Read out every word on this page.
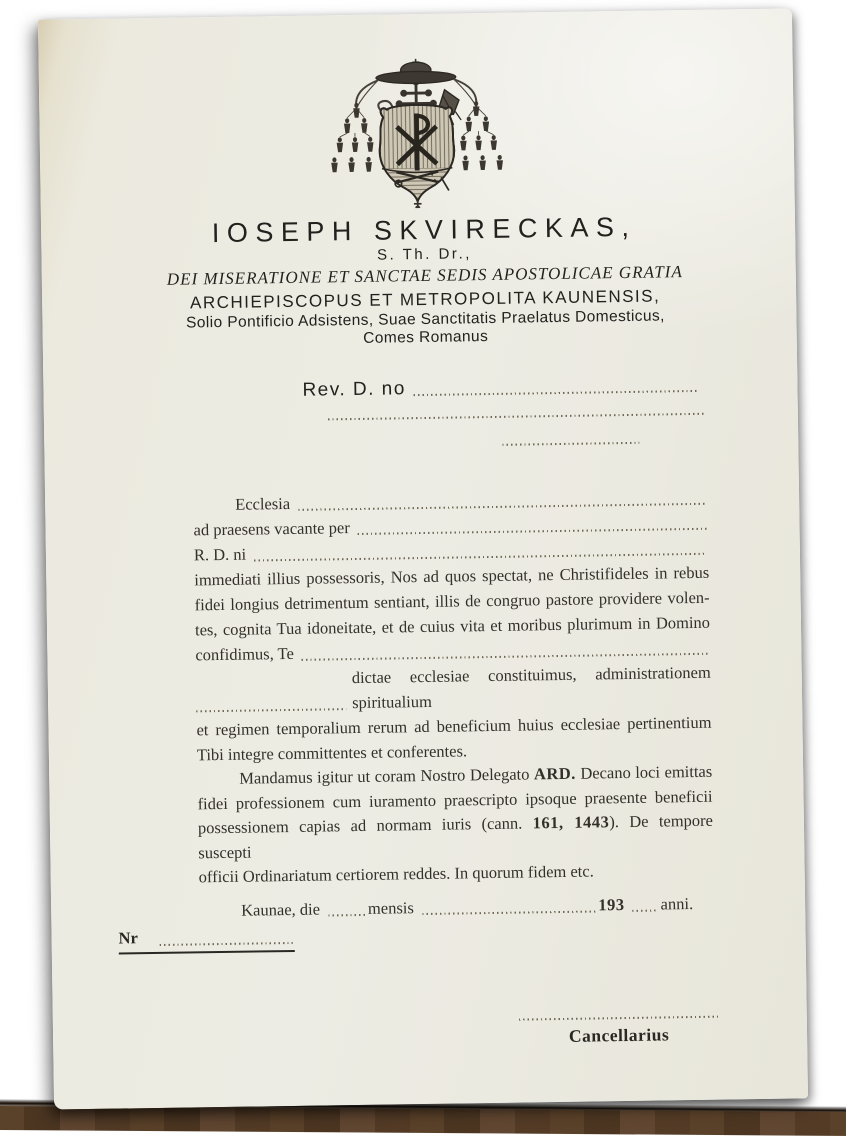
IOSEPH SKVIRECKAS,
S. Th. Dr.,
DEI MISERATIONE ET SANCTAE SEDIS APOSTOLICAE GRATIA
ARCHIEPISCOPUS ET METROPOLITA KAUNENSIS,
Solio Pontificio Adsistens, Suae Sanctitatis Praelatus Domesticus,
Comes Romanus
Rev. D. no
Ecclesia
ad praesens vacante per
R. D. ni
immediati illius possessoris, Nos ad quos spectat, ne Christifideles in rebus
fidei longius detrimentum sentiant, illis de congruo pastore providere volen-
tes, cognita Tua idoneitate, et de cuius vita et moribus plurimum in Domino
confidimus, Te
dictae ecclesiae constituimus, administrationem spiritualium
et regimen temporalium rerum ad beneficium huius ecclesiae pertinentium
Tibi integre committentes et conferentes.
Mandamus igitur ut coram Nostro Delegato ARD. Decano loci emittas
fidei professionem cum iuramento praescripto ipsoque praesente beneficii
possessionem capias ad normam iuris (cann. 161, 1443). De tempore suscepti
officii Ordinariatum certiorem reddes. In quorum fidem etc.
Kaunae, die	mensis	193 anni.
Nr
Cancellarius
